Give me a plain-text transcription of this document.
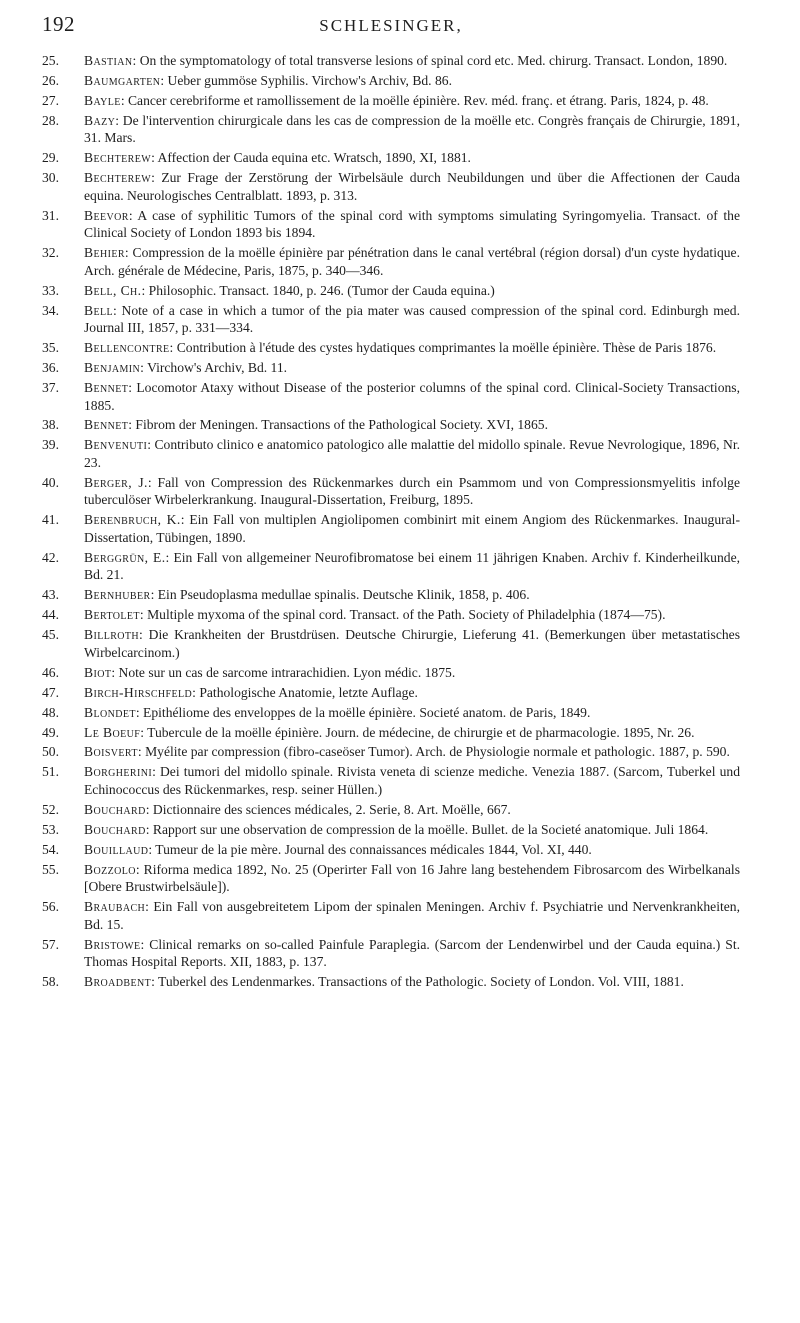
192	SCHLESINGER,
25.	Bastian: On the symptomatology of total transverse lesions of spinal cord etc. Med. chirurg. Transact. London, 1890.
26.	Baumgarten: Ueber gummöse Syphilis. Virchow's Archiv, Bd. 86.
27.	Bayle: Cancer cerebriforme et ramollissement de la moëlle épinière. Rev. méd. franç. et étrang. Paris, 1824, p. 48.
28.	Bazy: De l'intervention chirurgicale dans les cas de compression de la moëlle etc. Congrès français de Chirurgie, 1891, 31. Mars.
29.	Bechterew: Affection der Cauda equina etc. Wratsch, 1890, XI, 1881.
30.	Bechterew: Zur Frage der Zerstörung der Wirbelsäule durch Neubildungen und über die Affectionen der Cauda equina. Neurologisches Centralblatt. 1893, p. 313.
31.	Beevor: A case of syphilitic Tumors of the spinal cord with symptoms simulating Syringomyelia. Transact. of the Clinical Society of London 1893 bis 1894.
32.	Behier: Compression de la moëlle épinière par pénétration dans le canal vertébral (région dorsal) d'un cyste hydatique. Arch. générale de Médecine, Paris, 1875, p. 340—346.
33.	Bell, Ch.: Philosophic. Transact. 1840, p. 246. (Tumor der Cauda equina.)
34.	Bell: Note of a case in which a tumor of the pia mater was caused compression of the spinal cord. Edinburgh med. Journal III, 1857, p. 331—334.
35.	Bellencontre: Contribution à l'étude des cystes hydatiques comprimantes la moëlle épinière. Thèse de Paris 1876.
36.	Benjamin: Virchow's Archiv, Bd. 11.
37.	Bennet: Locomotor Ataxy without Disease of the posterior columns of the spinal cord. Clinical-Society Transactions, 1885.
38.	Bennet: Fibrom der Meningen. Transactions of the Pathological Society. XVI, 1865.
39.	Benvenuti: Contributo clinico e anatomico patologico alle malattie del midollo spinale. Revue Nevrologique, 1896, Nr. 23.
40.	Berger, J.: Fall von Compression des Rückenmarkes durch ein Psammom und von Compressionsmyelitis infolge tuberculöser Wirbelerkrankung. Inaugural-Dissertation, Freiburg, 1895.
41.	Berenbruch, K.: Ein Fall von multiplen Angiolipomen combinirt mit einem Angiom des Rückenmarkes. Inaugural-Dissertation, Tübingen, 1890.
42.	Berggrün, E.: Ein Fall von allgemeiner Neurofibromatose bei einem 11 jährigen Knaben. Archiv f. Kinderheilkunde, Bd. 21.
43.	Bernhuber: Ein Pseudoplasma medullae spinalis. Deutsche Klinik, 1858, p. 406.
44.	Bertolet: Multiple myxoma of the spinal cord. Transact. of the Path. Society of Philadelphia (1874—75).
45.	Billroth: Die Krankheiten der Brustdrüsen. Deutsche Chirurgie, Lieferung 41. (Bemerkungen über metastatisches Wirbelcarcinom.)
46.	Biot: Note sur un cas de sarcome intrarachidien. Lyon médic. 1875.
47.	Birch-Hirschfeld: Pathologische Anatomie, letzte Auflage.
48.	Blondet: Epithéliome des enveloppes de la moëlle épinière. Societé anatom. de Paris, 1849.
49.	Le Boeuf: Tubercule de la moëlle épinière. Journ. de médecine, de chirurgie et de pharmacologie. 1895, Nr. 26.
50.	Boisvert: Myélite par compression (fibro-caseöser Tumor). Arch. de Physiologie normale et pathologic. 1887, p. 590.
51.	Borgherini: Dei tumori del midollo spinale. Rivista veneta di scienze mediche. Venezia 1887. (Sarcom, Tuberkel und Echinococcus des Rückenmarkes, resp. seiner Hüllen.)
52.	Bouchard: Dictionnaire des sciences médicales, 2. Serie, 8. Art. Moëlle, 667.
53.	Bouchard: Rapport sur une observation de compression de la moëlle. Bullet. de la Societé anatomique. Juli 1864.
54.	Bouillaud: Tumeur de la pie mère. Journal des connaissances médicales 1844, Vol. XI, 440.
55.	Bozzolo: Riforma medica 1892, No. 25 (Operirter Fall von 16 Jahre lang bestehendem Fibrosarcom des Wirbelkanals [Obere Brustwirbelsäule]).
56.	Braubach: Ein Fall von ausgebreitetem Lipom der spinalen Meningen. Archiv f. Psychiatrie und Nervenkrankheiten, Bd. 15.
57.	Bristowe: Clinical remarks on so-called Painfule Paraplegia. (Sarcom der Lendenwirbel und der Cauda equina.) St. Thomas Hospital Reports. XII, 1883, p. 137.
58.	Broadbent: Tuberkel des Lendenmarkes. Transactions of the Pathologic. Society of London. Vol. VIII, 1881.
